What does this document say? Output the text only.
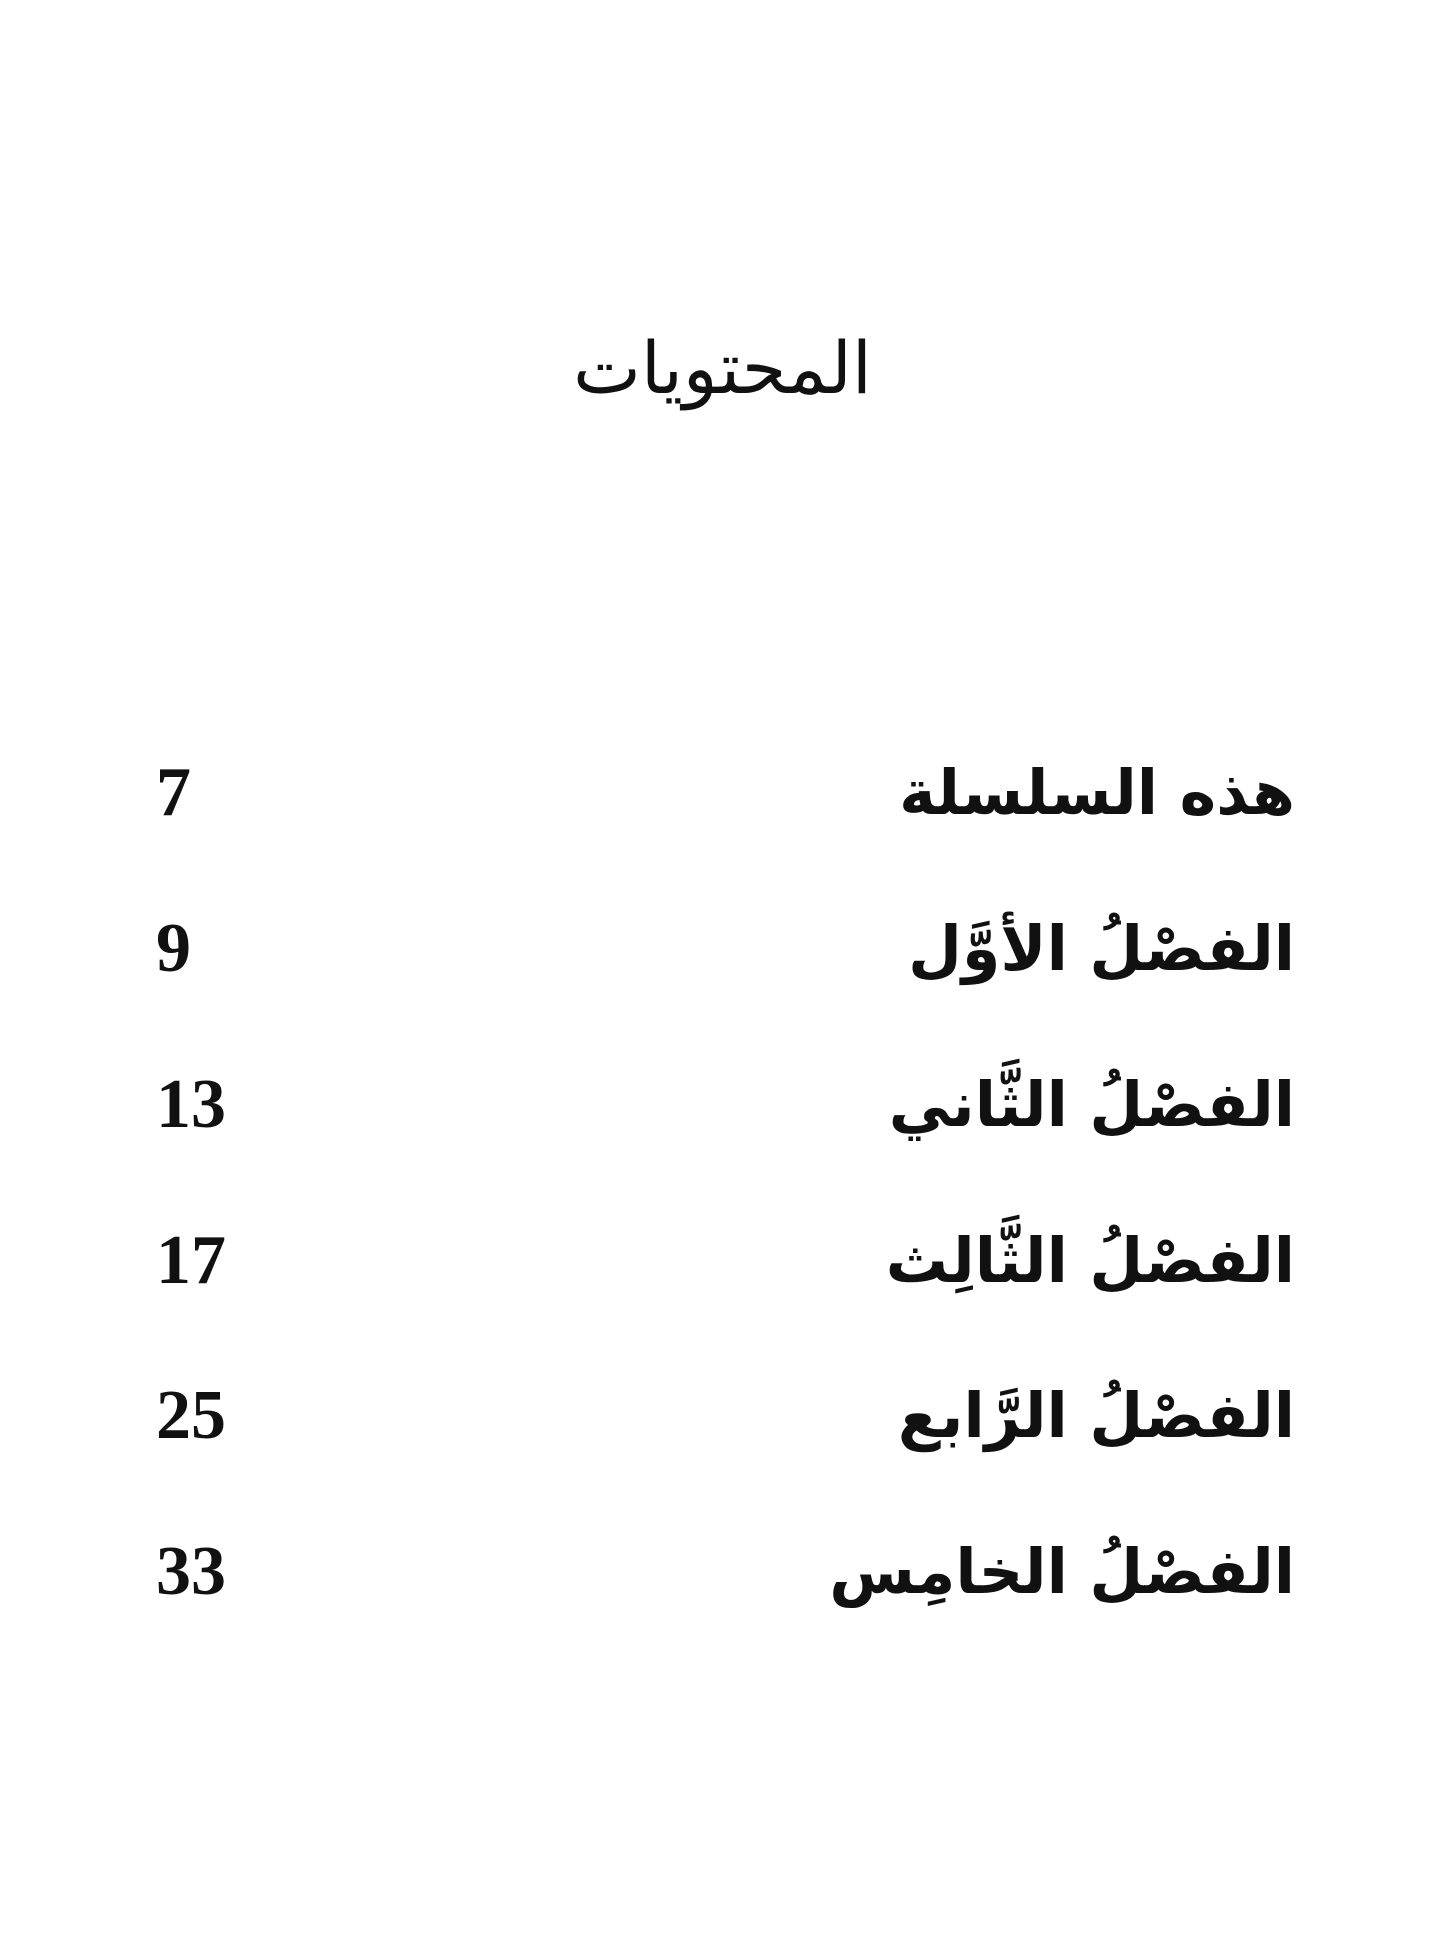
المحتويات
هذه السلسلة
7
الفصْلُ الأوَّل
9
الفصْلُ الثَّاني
13
الفصْلُ الثَّالِث
17
الفصْلُ الرَّابع
25
الفصْلُ الخامِس
33
